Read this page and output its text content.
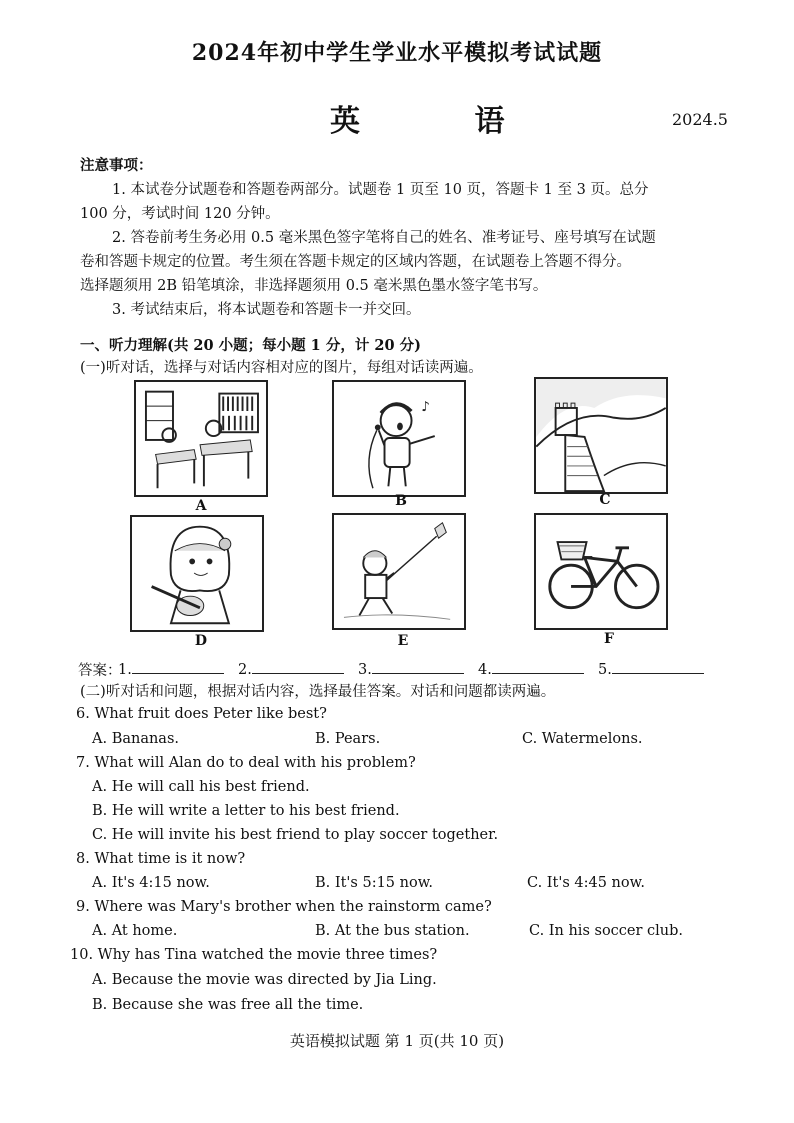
2024年初中学生学业水平模拟考试试题
英 语	2024.5
注意事项：
1. 本试卷分试题卷和答题卷两部分。试题卷 1 页至 10 页，答题卡 1 至 3 页。总分
100 分，考试时间 120 分钟。
2. 答卷前考生务必用 0.5 毫米黑色签字笔将自己的姓名、准考证号、座号填写在试题
卷和答题卡规定的位置。考生须在答题卡规定的区域内答题，在试题卷上答题不得分。
选择题须用 2B 铅笔填涂，非选择题须用 0.5 毫米黑色墨水签字笔书写。
3. 考试结束后，将本试题卷和答题卡一并交回。
一、听力理解(共 20 小题；每小题 1 分，计 20 分)
(一)听对话，选择与对话内容相对应的图片，每组对话读两遍。
A
♪
B	C
D	E	F
答案：
1.	2.	3.	4.	5.
(二)听对话和问题，根据对话内容，选择最佳答案。对话和问题都读两遍。
6. What fruit does Peter like best?
A. Bananas.	B. Pears.	C. Watermelons.
7. What will Alan do to deal with his problem?
A. He will call his best friend.
B. He will write a letter to his best friend.
C. He will invite his best friend to play soccer together.
8. What time is it now?
A. It's 4:15 now.	B. It's 5:15 now.	C. It's 4:45 now.
9. Where was Mary's brother when the rainstorm came?
A. At home.	B. At the bus station.	C. In his soccer club.
10. Why has Tina watched the movie three times?
A. Because the movie was directed by Jia Ling.
B. Because she was free all the time.
英语模拟试题 第 1 页(共 10 页)
